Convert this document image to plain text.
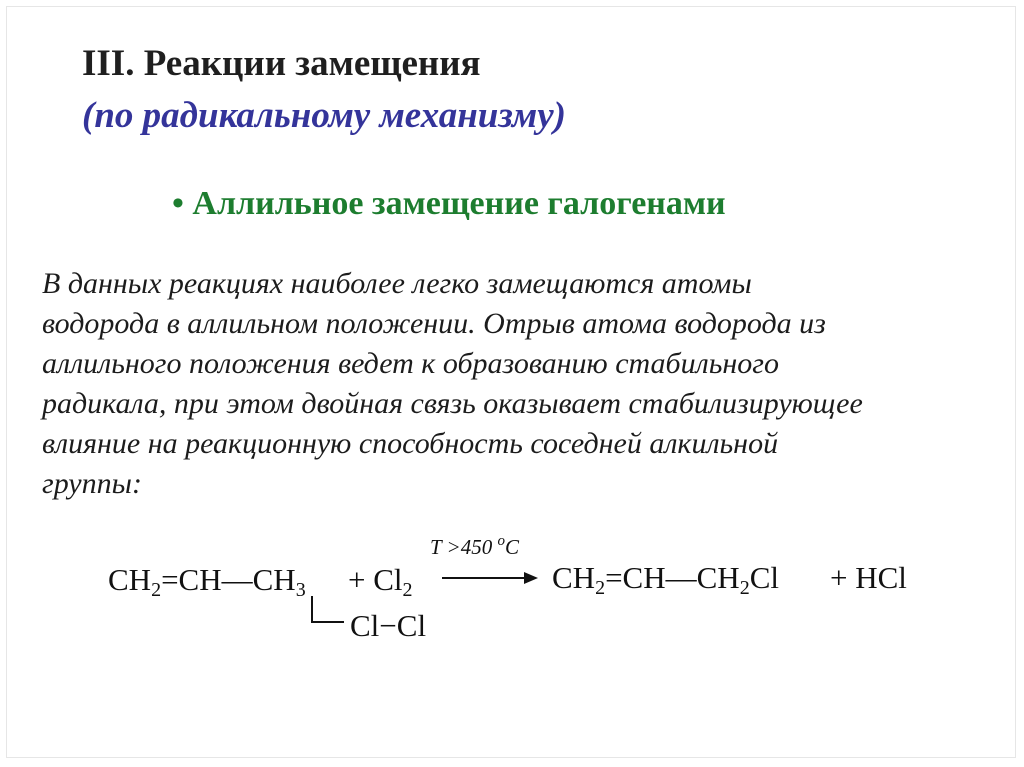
III. Реакции замещения
(по радикальному механизму)
• Аллильное замещение галогенами
В данных реакциях наиболее легко замещаются атомы
водорода в аллильном положении. Отрыв атома водорода из
аллильного положения ведет к образованию стабильного
радикала, при этом двойная связь оказывает стабилизирующее
влияние на реакционную способность соседней алкильной
группы:
$CH_2=CH—CH_3 + Cl_2$
T >450 $^o$C
$CH_2=CH—CH_2Cl$ + HCl
Cl−Cl
